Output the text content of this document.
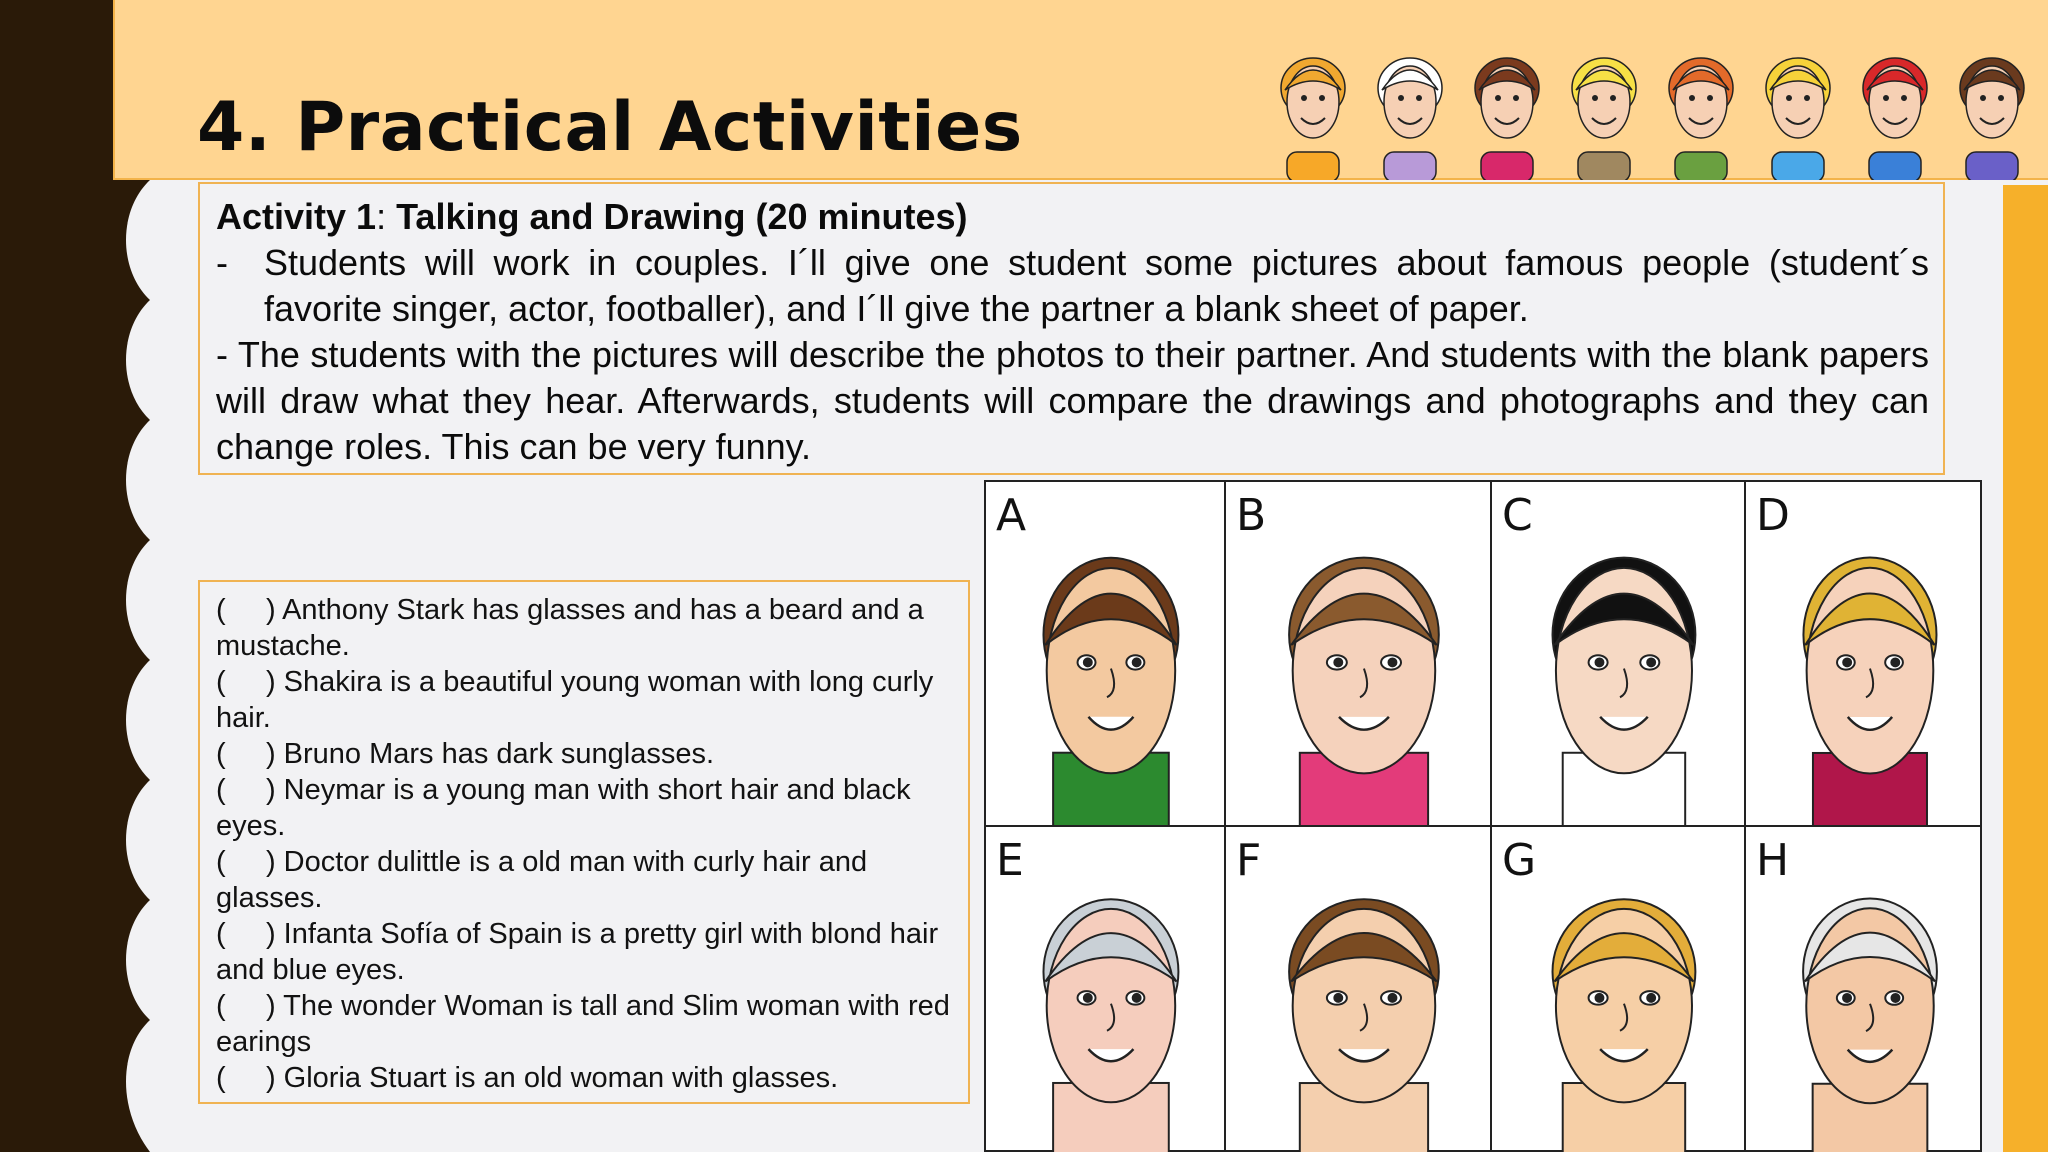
4. Practical Activities
Activity 1: Talking and Drawing (20 minutes)
-	Students will work in couples. I´ll give one student some pictures about famous people (student´s favorite singer, actor, footballer), and I´ll give the partner a blank sheet of paper.
- The students with the pictures will describe the photos to their partner. And students with the blank papers will draw what they hear. Afterwards, students will compare the drawings and photographs and they can change roles. This can be very funny.
(     ) Anthony Stark has glasses and has a beard and a mustache.
(     ) Shakira is a beautiful young woman with long curly hair.
(     ) Bruno Mars has dark sunglasses.
(     ) Neymar is a young man with short hair and black eyes.
(     ) Doctor dulittle is a old man with curly hair and glasses.
(     ) Infanta Sofía of Spain is a pretty girl with blond hair and blue eyes.
(     ) The wonder Woman is tall and Slim woman with red earings
(     ) Gloria Stuart is an old woman with glasses.
A	B	C	D
E	F	G	H
